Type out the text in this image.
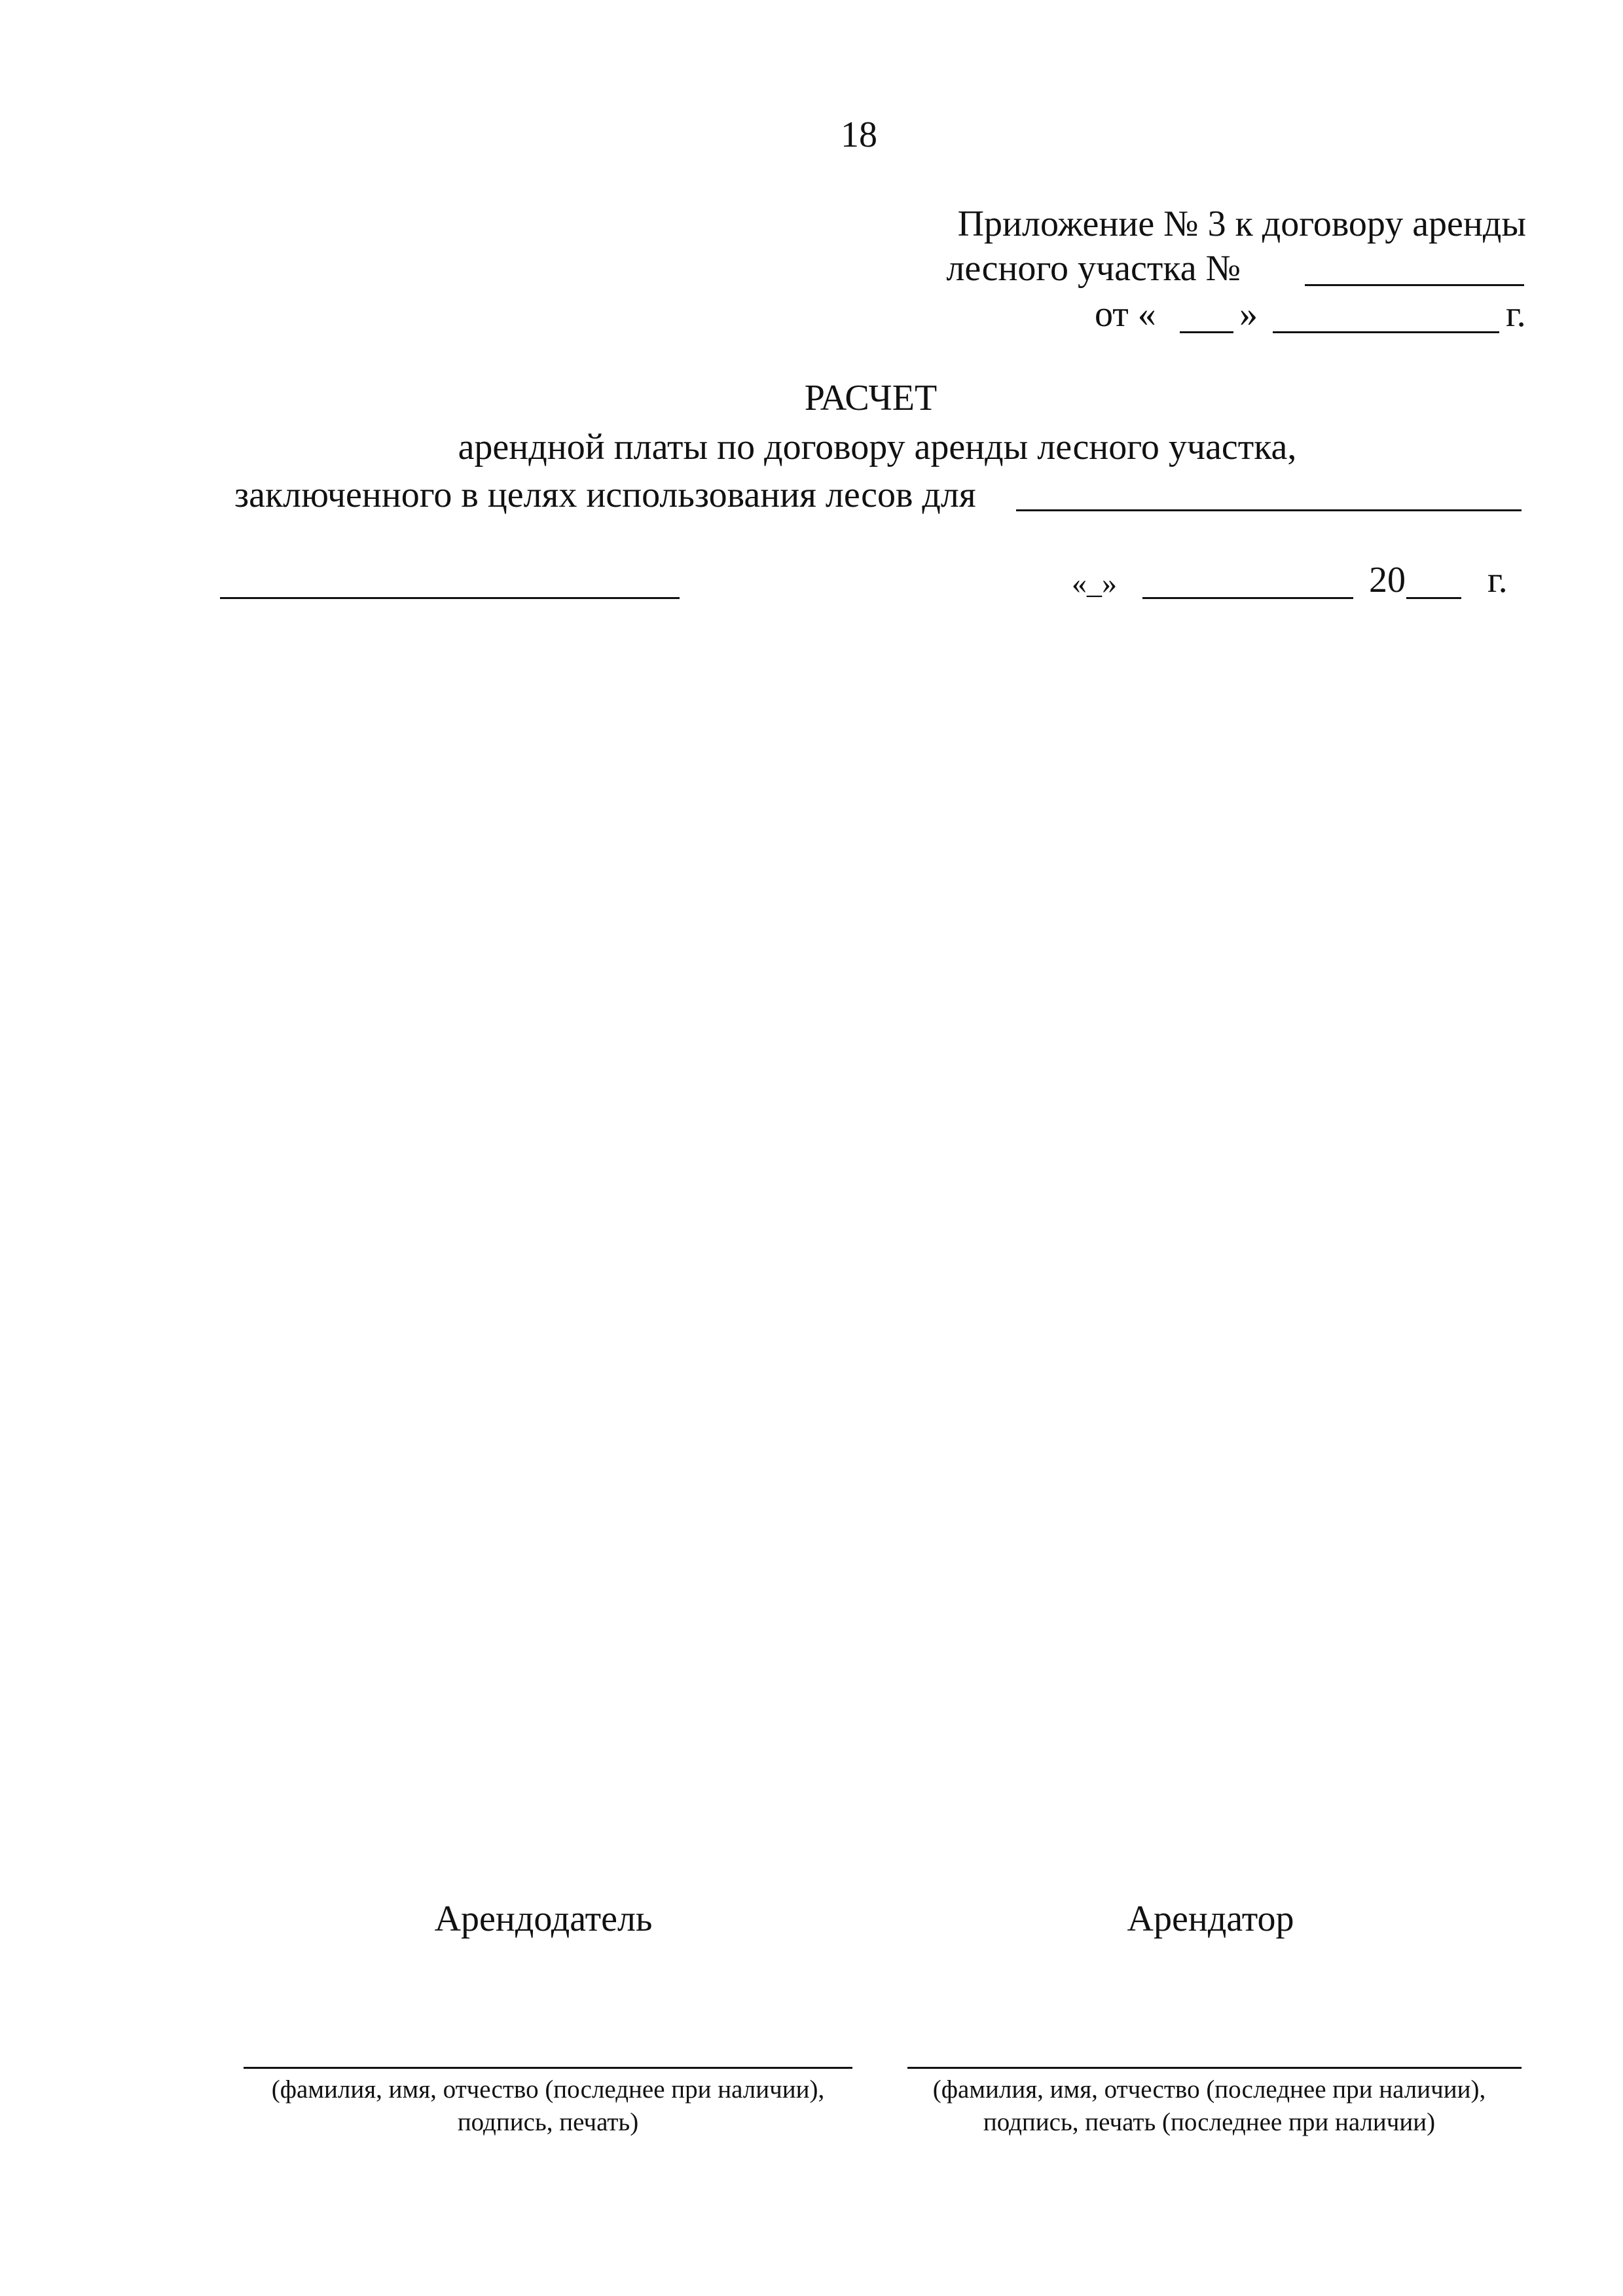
18
Приложение № 3 к договору аренды
лесного участка №
от « »	г.
РАСЧЕТ
арендной платы по договору аренды лесного участка,
заключенного в целях использования лесов для
«_»	20 г.
Арендодатель
(фамилия, имя, отчество (последнее при наличии),
подпись, печать)
Арендатор
(фамилия, имя, отчество (последнее при наличии),
подпись, печать (последнее при наличии)
